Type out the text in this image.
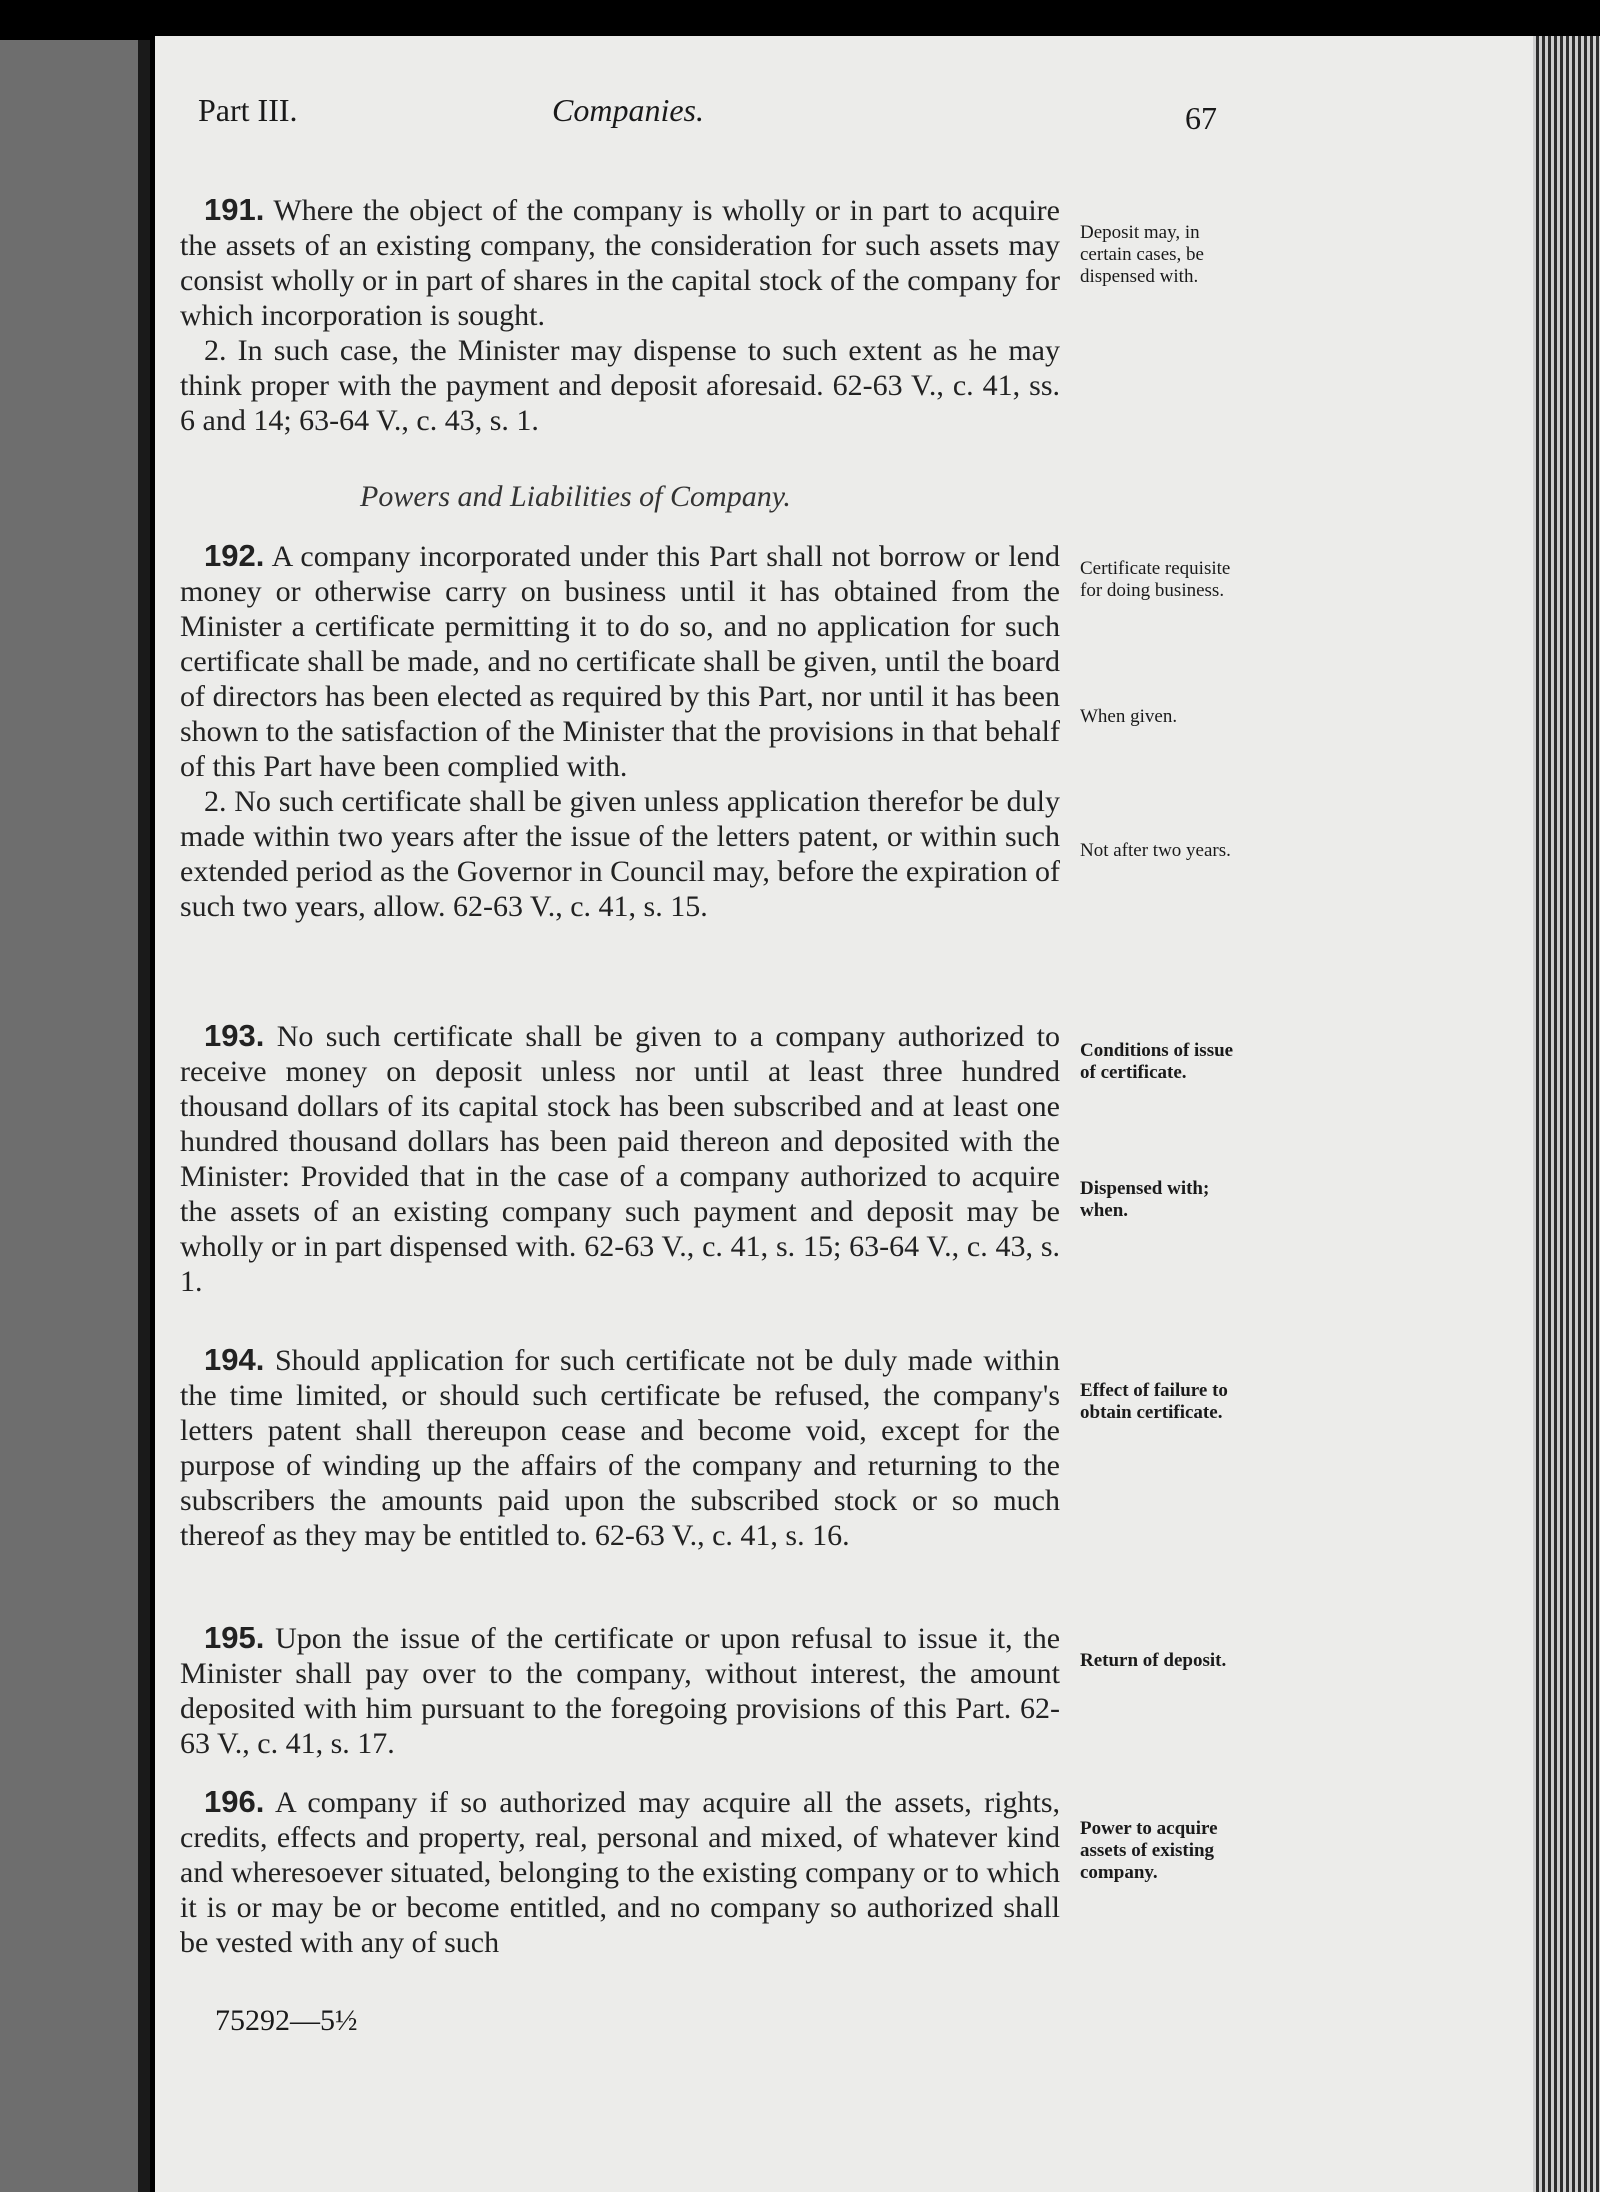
Part III.	Companies.	67

191. Where the object of the company is wholly or in part to acquire the assets of an existing company, the consideration for such assets may consist wholly or in part of shares in the capital stock of the company for which incorporation is sought.

2. In such case, the Minister may dispense to such extent as he may think proper with the payment and deposit aforesaid. 62-63 V., c. 41, ss. 6 and 14; 63-64 V., c. 43, s. 1.

Powers and Liabilities of Company.

192. A company incorporated under this Part shall not borrow or lend money or otherwise carry on business until it has obtained from the Minister a certificate permitting it to do so, and no application for such certificate shall be made, and no certificate shall be given, until the board of directors has been elected as required by this Part, nor until it has been shown to the satisfaction of the Minister that the provisions in that behalf of this Part have been complied with.

2. No such certificate shall be given unless application therefor be duly made within two years after the issue of the letters patent, or within such extended period as the Governor in Council may, before the expiration of such two years, allow. 62-63 V., c. 41, s. 15.

193. No such certificate shall be given to a company authorized to receive money on deposit unless nor until at least three hundred thousand dollars of its capital stock has been subscribed and at least one hundred thousand dollars has been paid thereon and deposited with the Minister: Provided that in the case of a company authorized to acquire the assets of an existing company such payment and deposit may be wholly or in part dispensed with. 62-63 V., c. 41, s. 15; 63-64 V., c. 43, s. 1.

194. Should application for such certificate not be duly made within the time limited, or should such certificate be refused, the company's letters patent shall thereupon cease and become void, except for the purpose of winding up the affairs of the company and returning to the subscribers the amounts paid upon the subscribed stock or so much thereof as they may be entitled to. 62-63 V., c. 41, s. 16.

195. Upon the issue of the certificate or upon refusal to issue it, the Minister shall pay over to the company, without interest, the amount deposited with him pursuant to the foregoing provisions of this Part. 62-63 V., c. 41, s. 17.

196. A company if so authorized may acquire all the assets, rights, credits, effects and property, real, personal and mixed, of whatever kind and wheresoever situated, belonging to the existing company or to which it is or may be or become entitled, and no company so authorized shall be vested with any of such

Deposit may, in certain cases, be dispensed with.
Certificate requisite for doing business.
When given.
Not after two years.
Conditions of issue of certificate.
Dispensed with; when.
Effect of failure to obtain certificate.
Return of deposit.
Power to acquire assets of existing company.
75292—5½
